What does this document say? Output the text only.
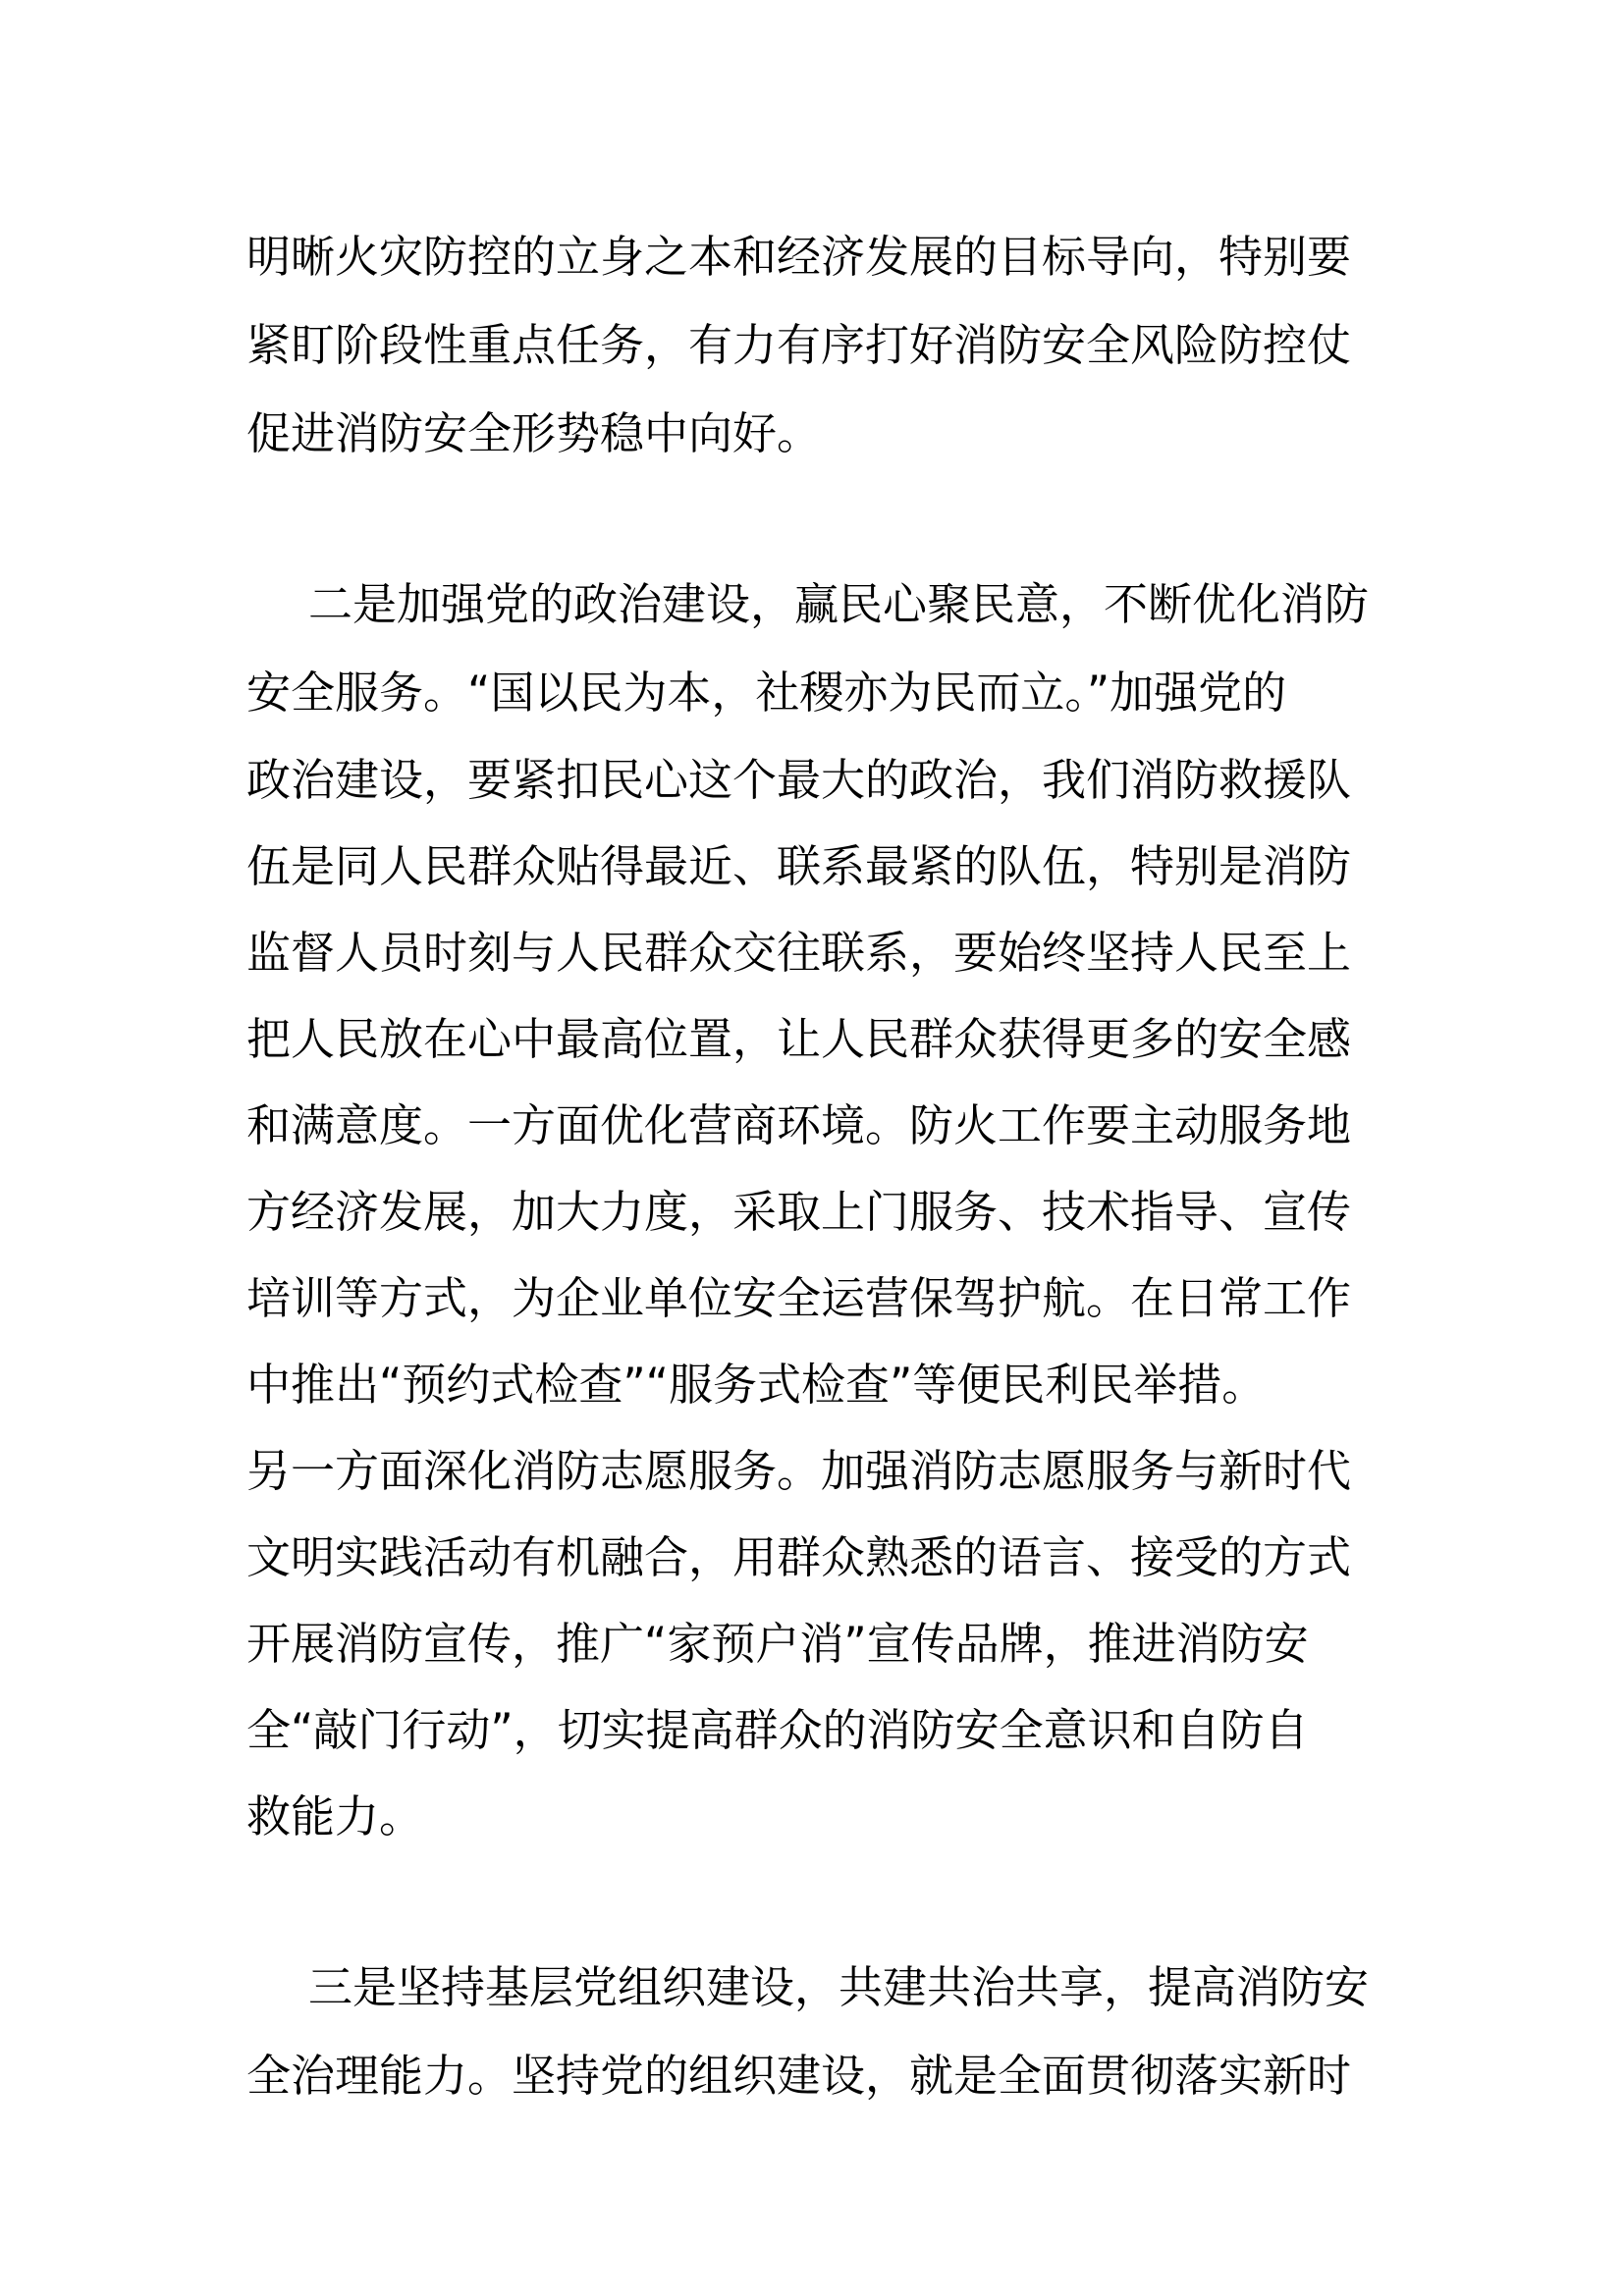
明晰火灾防控的立身之本和经济发展的目标导向，特别要
紧盯阶段性重点任务，有力有序打好消防安全风险防控仗
促进消防安全形势稳中向好。
二是加强党的政治建设，赢民心聚民意，不断优化消防
安全服务。“国以民为本，社稷亦为民而立。”加强党的
政治建设，要紧扣民心这个最大的政治，我们消防救援队
伍是同人民群众贴得最近、联系最紧的队伍，特别是消防
监督人员时刻与人民群众交往联系，要始终坚持人民至上
把人民放在心中最高位置，让人民群众获得更多的安全感
和满意度。一方面优化营商环境。防火工作要主动服务地
方经济发展，加大力度，采取上门服务、技术指导、宣传
培训等方式，为企业单位安全运营保驾护航。在日常工作
中推出“预约式检查”“服务式检查”等便民利民举措。
另一方面深化消防志愿服务。加强消防志愿服务与新时代
文明实践活动有机融合，用群众熟悉的语言、接受的方式
开展消防宣传，推广“家预户消”宣传品牌，推进消防安
全“敲门行动”，切实提高群众的消防安全意识和自防自
救能力。
三是坚持基层党组织建设，共建共治共享，提高消防安
全治理能力。坚持党的组织建设，就是全面贯彻落实新时
